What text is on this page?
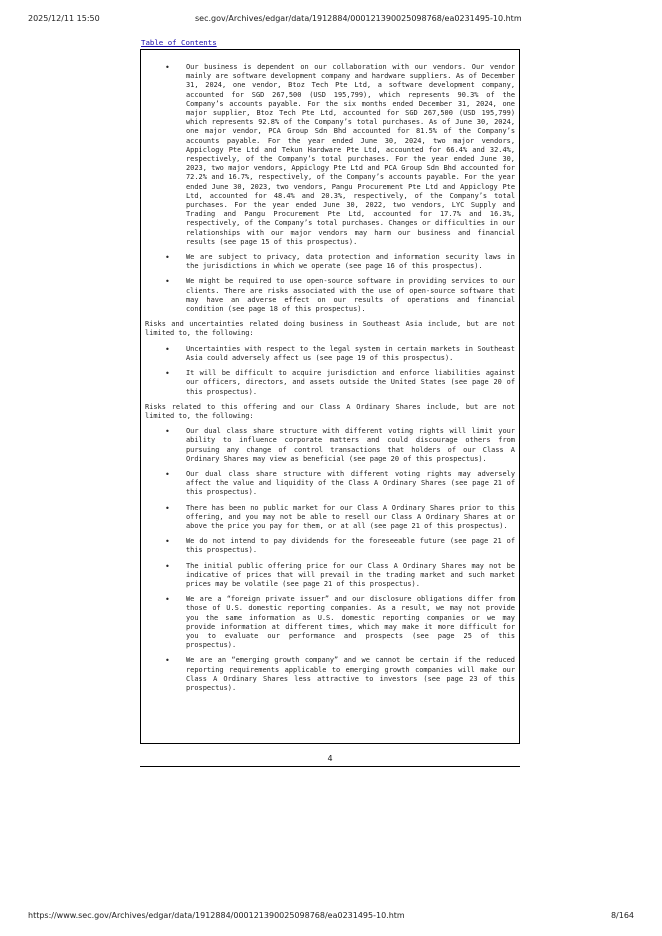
2025/12/11 15:50	sec.gov/Archives/edgar/data/1912884/000121390025098768/ea0231495-10.htm
Table of Contents
• Our business is dependent on our collaboration with our vendors. Our vendor mainly are software development company and hardware suppliers. As of December 31, 2024, one vendor, Btoz Tech Pte Ltd, a software development company, accounted for SGD 267,500 (USD 195,799), which represents 90.3% of the Company’s accounts payable. For the six months ended December 31, 2024, one major supplier, Btoz Tech Pte Ltd, accounted for SGD 267,500 (USD 195,799) which represents 92.8% of the Company’s total purchases. As of June 30, 2024, one major vendor, PCA Group Sdn Bhd accounted for 81.5% of the Company’s accounts payable. For the year ended June 30, 2024, two major vendors, Appiclogy Pte Ltd and Tekun Hardware Pte Ltd, accounted for 66.4% and 32.4%, respectively, of the Company’s total purchases. For the year ended June 30, 2023, two major vendors, Appiclogy Pte Ltd and PCA Group Sdn Bhd accounted for 72.2% and 16.7%, respectively, of the Company’s accounts payable. For the year ended June 30, 2023, two vendors, Pangu Procurement Pte Ltd and Appiclogy Pte Ltd, accounted for 48.4% and 20.3%, respectively, of the Company’s total purchases. For the year ended June 30, 2022, two vendors, LYC Supply and Trading and Pangu Procurement Pte Ltd, accounted for 17.7% and 16.3%, respectively, of the Company’s total purchases. Changes or difficulties in our relationships with our major vendors may harm our business and financial results (see page 15 of this prospectus).
• We are subject to privacy, data protection and information security laws in the jurisdictions in which we operate (see page 16 of this prospectus).
• We might be required to use open-source software in providing services to our clients. There are risks associated with the use of open-source software that may have an adverse effect on our results of operations and financial condition (see page 18 of this prospectus).

Risks and uncertainties related doing business in Southeast Asia include, but are not limited to, the following:

• Uncertainties with respect to the legal system in certain markets in Southeast Asia could adversely affect us (see page 19 of this prospectus).
• It will be difficult to acquire jurisdiction and enforce liabilities against our officers, directors, and assets outside the United States (see page 20 of this prospectus).

Risks related to this offering and our Class A Ordinary Shares include, but are not limited to, the following:

• Our dual class share structure with different voting rights will limit your ability to influence corporate matters and could discourage others from pursuing any change of control transactions that holders of our Class A Ordinary Shares may view as beneficial (see page 20 of this prospectus).
• Our dual class share structure with different voting rights may adversely affect the value and liquidity of the Class A Ordinary Shares (see page 21 of this prospectus).
• There has been no public market for our Class A Ordinary Shares prior to this offering, and you may not be able to resell our Class A Ordinary Shares at or above the price you pay for them, or at all (see page 21 of this prospectus).
• We do not intend to pay dividends for the foreseeable future (see page 21 of this prospectus).
• The initial public offering price for our Class A Ordinary Shares may not be indicative of prices that will prevail in the trading market and such market prices may be volatile (see page 21 of this prospectus).
• We are a “foreign private issuer” and our disclosure obligations differ from those of U.S. domestic reporting companies. As a result, we may not provide you the same information as U.S. domestic reporting companies or we may provide information at different times, which may make it more difficult for you to evaluate our performance and prospects (see page 25 of this prospectus).
• We are an “emerging growth company” and we cannot be certain if the reduced reporting requirements applicable to emerging growth companies will make our Class A Ordinary Shares less attractive to investors (see page 23 of this prospectus).
4
https://www.sec.gov/Archives/edgar/data/1912884/000121390025098768/ea0231495-10.htm	8/164
